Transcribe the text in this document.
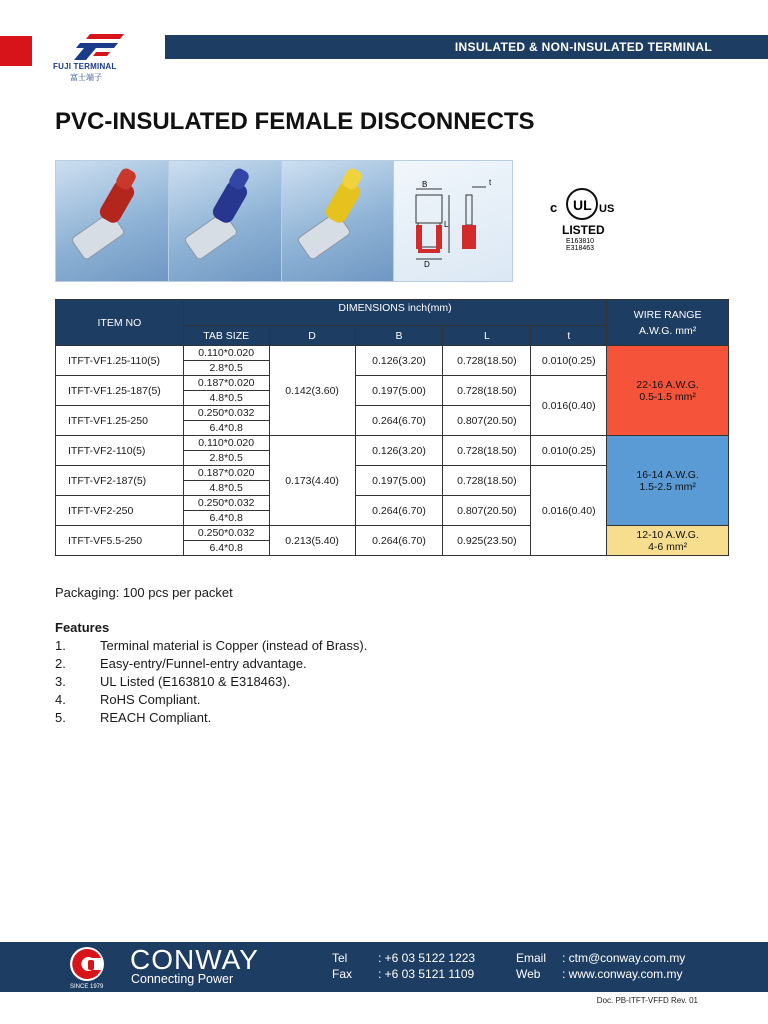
FUJI TERMINAL
富士端子
INSULATED & NON-INSULATED TERMINAL
PVC-INSULATED FEMALE DISCONNECTS
B	t
L
D
UL
c	US
LISTED
E163810
E318463
ITEM NO	DIMENSIONS inch(mm)					WIRE RANGE
A.W.G. mm²

	TAB SIZE	D	B	L	t	
ITFT-VF1.25-110(5)	0.110*0.020	0.142(3.60)	0.126(3.20)	0.728(18.50)	0.010(0.25)	22-16 A.W.G.
0.5-1.5 mm²

	2.8*0.5					
ITFT-VF1.25-187(5)	0.187*0.020		0.197(5.00)	0.728(18.50)	0.016(0.40)	
	4.8*0.5					
ITFT-VF1.25-250	0.250*0.032		0.264(6.70)	0.807(20.50)		
	6.4*0.8					
ITFT-VF2-110(5)	0.110*0.020	0.173(4.40)	0.126(3.20)	0.728(18.50)	0.010(0.25)	16-14 A.W.G.
1.5-2.5 mm²

	2.8*0.5					
ITFT-VF2-187(5)	0.187*0.020		0.197(5.00)	0.728(18.50)	0.016(0.40)	
	4.8*0.5					
ITFT-VF2-250	0.250*0.032		0.264(6.70)	0.807(20.50)		
	6.4*0.8					
ITFT-VF5.5-250	0.250*0.032	0.213(5.40)	0.264(6.70)	0.925(23.50)		12-10 A.W.G.
4-6 mm²

	6.4*0.8					
Packaging: 100 pcs per packet
Features
1.	Terminal material is Copper (instead of Brass).
2.	Easy-entry/Funnel-entry advantage.
3.	UL Listed (E163810 & E318463).
4.	RoHS Compliant.
5.	REACH Compliant.
SINCE 1979
CONWAY
Connecting Power
Tel	: +6 03 5122 1223
Fax : +6 03 5121 1109
Email : ctm@conway.com.my
Web : www.conway.com.my
Doc. PB-ITFT-VFFD Rev. 01
